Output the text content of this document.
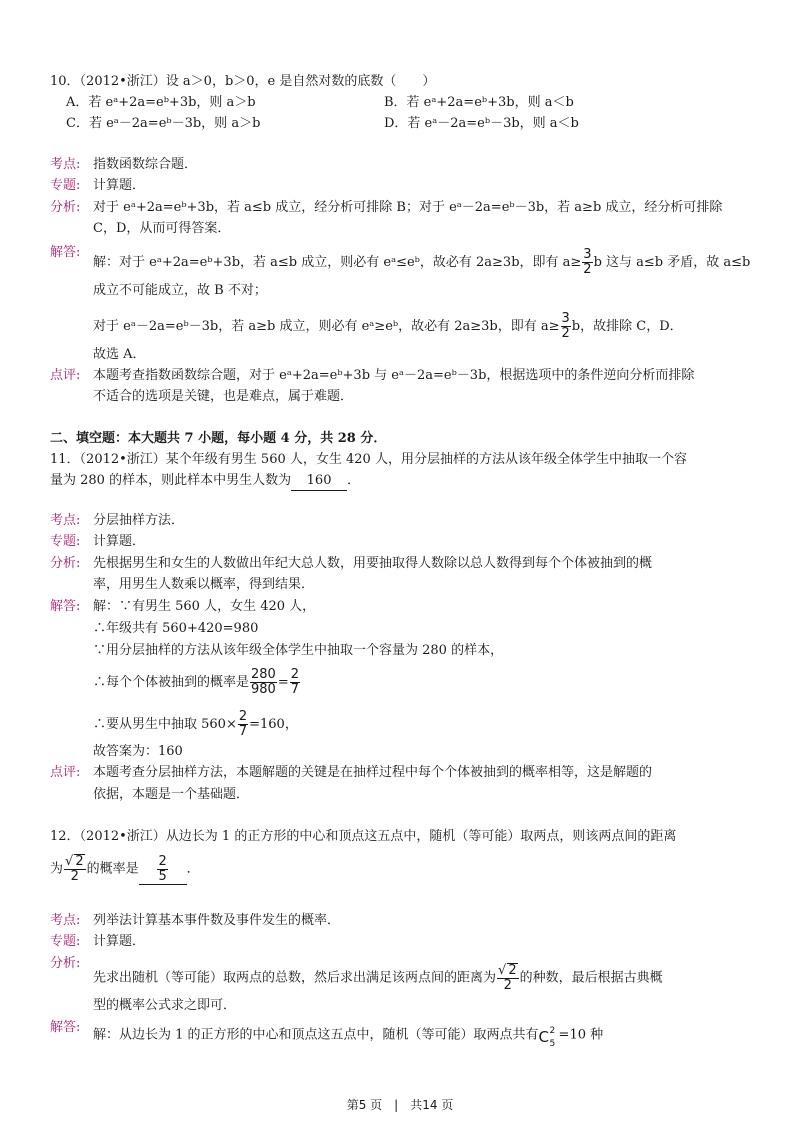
10．（2012•浙江）设 a＞0，b＞0，e 是自然对数的底数（　　）
A．若 eᵃ+2a=eᵇ+3b，则 a＞b	B．若 eᵃ+2a=eᵇ+3b，则 a＜b
C．若 eᵃ－2a=eᵇ－3b，则 a＞b	D．若 eᵃ－2a=eᵇ－3b，则 a＜b
考点: 指数函数综合题．
专题: 计算题．
分析: 对于 eᵃ+2a=eᵇ+3b，若 a≤b 成立，经分析可排除 B；对于 eᵃ－2a=eᵇ－3b，若 a≥b 成立，经分析可排除
C，D，从而可得答案．
解答:
解：对于 eᵃ+2a=eᵇ+3b，若 a≤b 成立，则必有 eᵃ≤eᵇ，故必有 2a≥3b，即有 $a\ge \frac{3}{2}$ b 这与 a≤b 矛盾，故 a≤b
成立不可能成立，故 B 不对；
对于 eᵃ－2a=eᵇ－3b，若 a≥b 成立，则必有 eᵃ≥eᵇ，故必有 2a≥3b，即有 $a\ge \frac{3}{2}$ b，故排除 C，D．
故选 A．
点评: 本题考查指数函数综合题，对于 eᵃ+2a=eᵇ+3b 与 eᵃ－2a=eᵇ－3b，根据选项中的条件逆向分析而排除
不适合的选项是关键，也是难点，属于难题．
二、填空题：本大题共 7 小题，每小题 4 分，共 28 分．
11．（2012•浙江）某个年级有男生 560 人，女生 420 人，用分层抽样的方法从该年级全体学生中抽取一个容
量为 280 的样本，则此样本中男生人数为 160 ．
考点: 分层抽样方法．
专题: 计算题．
分析: 先根据男生和女生的人数做出年纪大总人数，用要抽取得人数除以总人数得到每个个体被抽到的概
率，用男生人数乘以概率，得到结果．
解答: 解：∵有男生 560 人，女生 420 人，
∴年级共有 560+420=980
∵用分层抽样的方法从该年级全体学生中抽取一个容量为 280 的样本，
∴每个个体被抽到的概率是 $\frac{280}{980} = \frac{2}{7}$
∴要从男生中抽取 $560\times \frac{2}{7} =160$，
故答案为：160
点评: 本题考查分层抽样方法，本题解题的关键是在抽样过程中每个个体被抽到的概率相等，这是解题的
依据，本题是一个基础题．
12．（2012•浙江）从边长为 1 的正方形的中心和顶点这五点中，随机（等可能）取两点，则该两点间的距离
为 $\frac{√ 2}{2}$ 的概率是 $\frac{2}{5}$ ．
考点: 列举法计算基本事件数及事件发生的概率．
专题: 计算题．
分析:
先求出随机（等可能）取两点的总数，然后求出满足该两点间的距离为 $\frac{√ 2}{2}$ 的种数，最后根据古典概
型的概率公式求之即可．
解答: 解：从边长为 1 的正方形的中心和顶点这五点中，随机（等可能）取两点共有 C 2
5
=10 种
第5 页　|　共14 页
